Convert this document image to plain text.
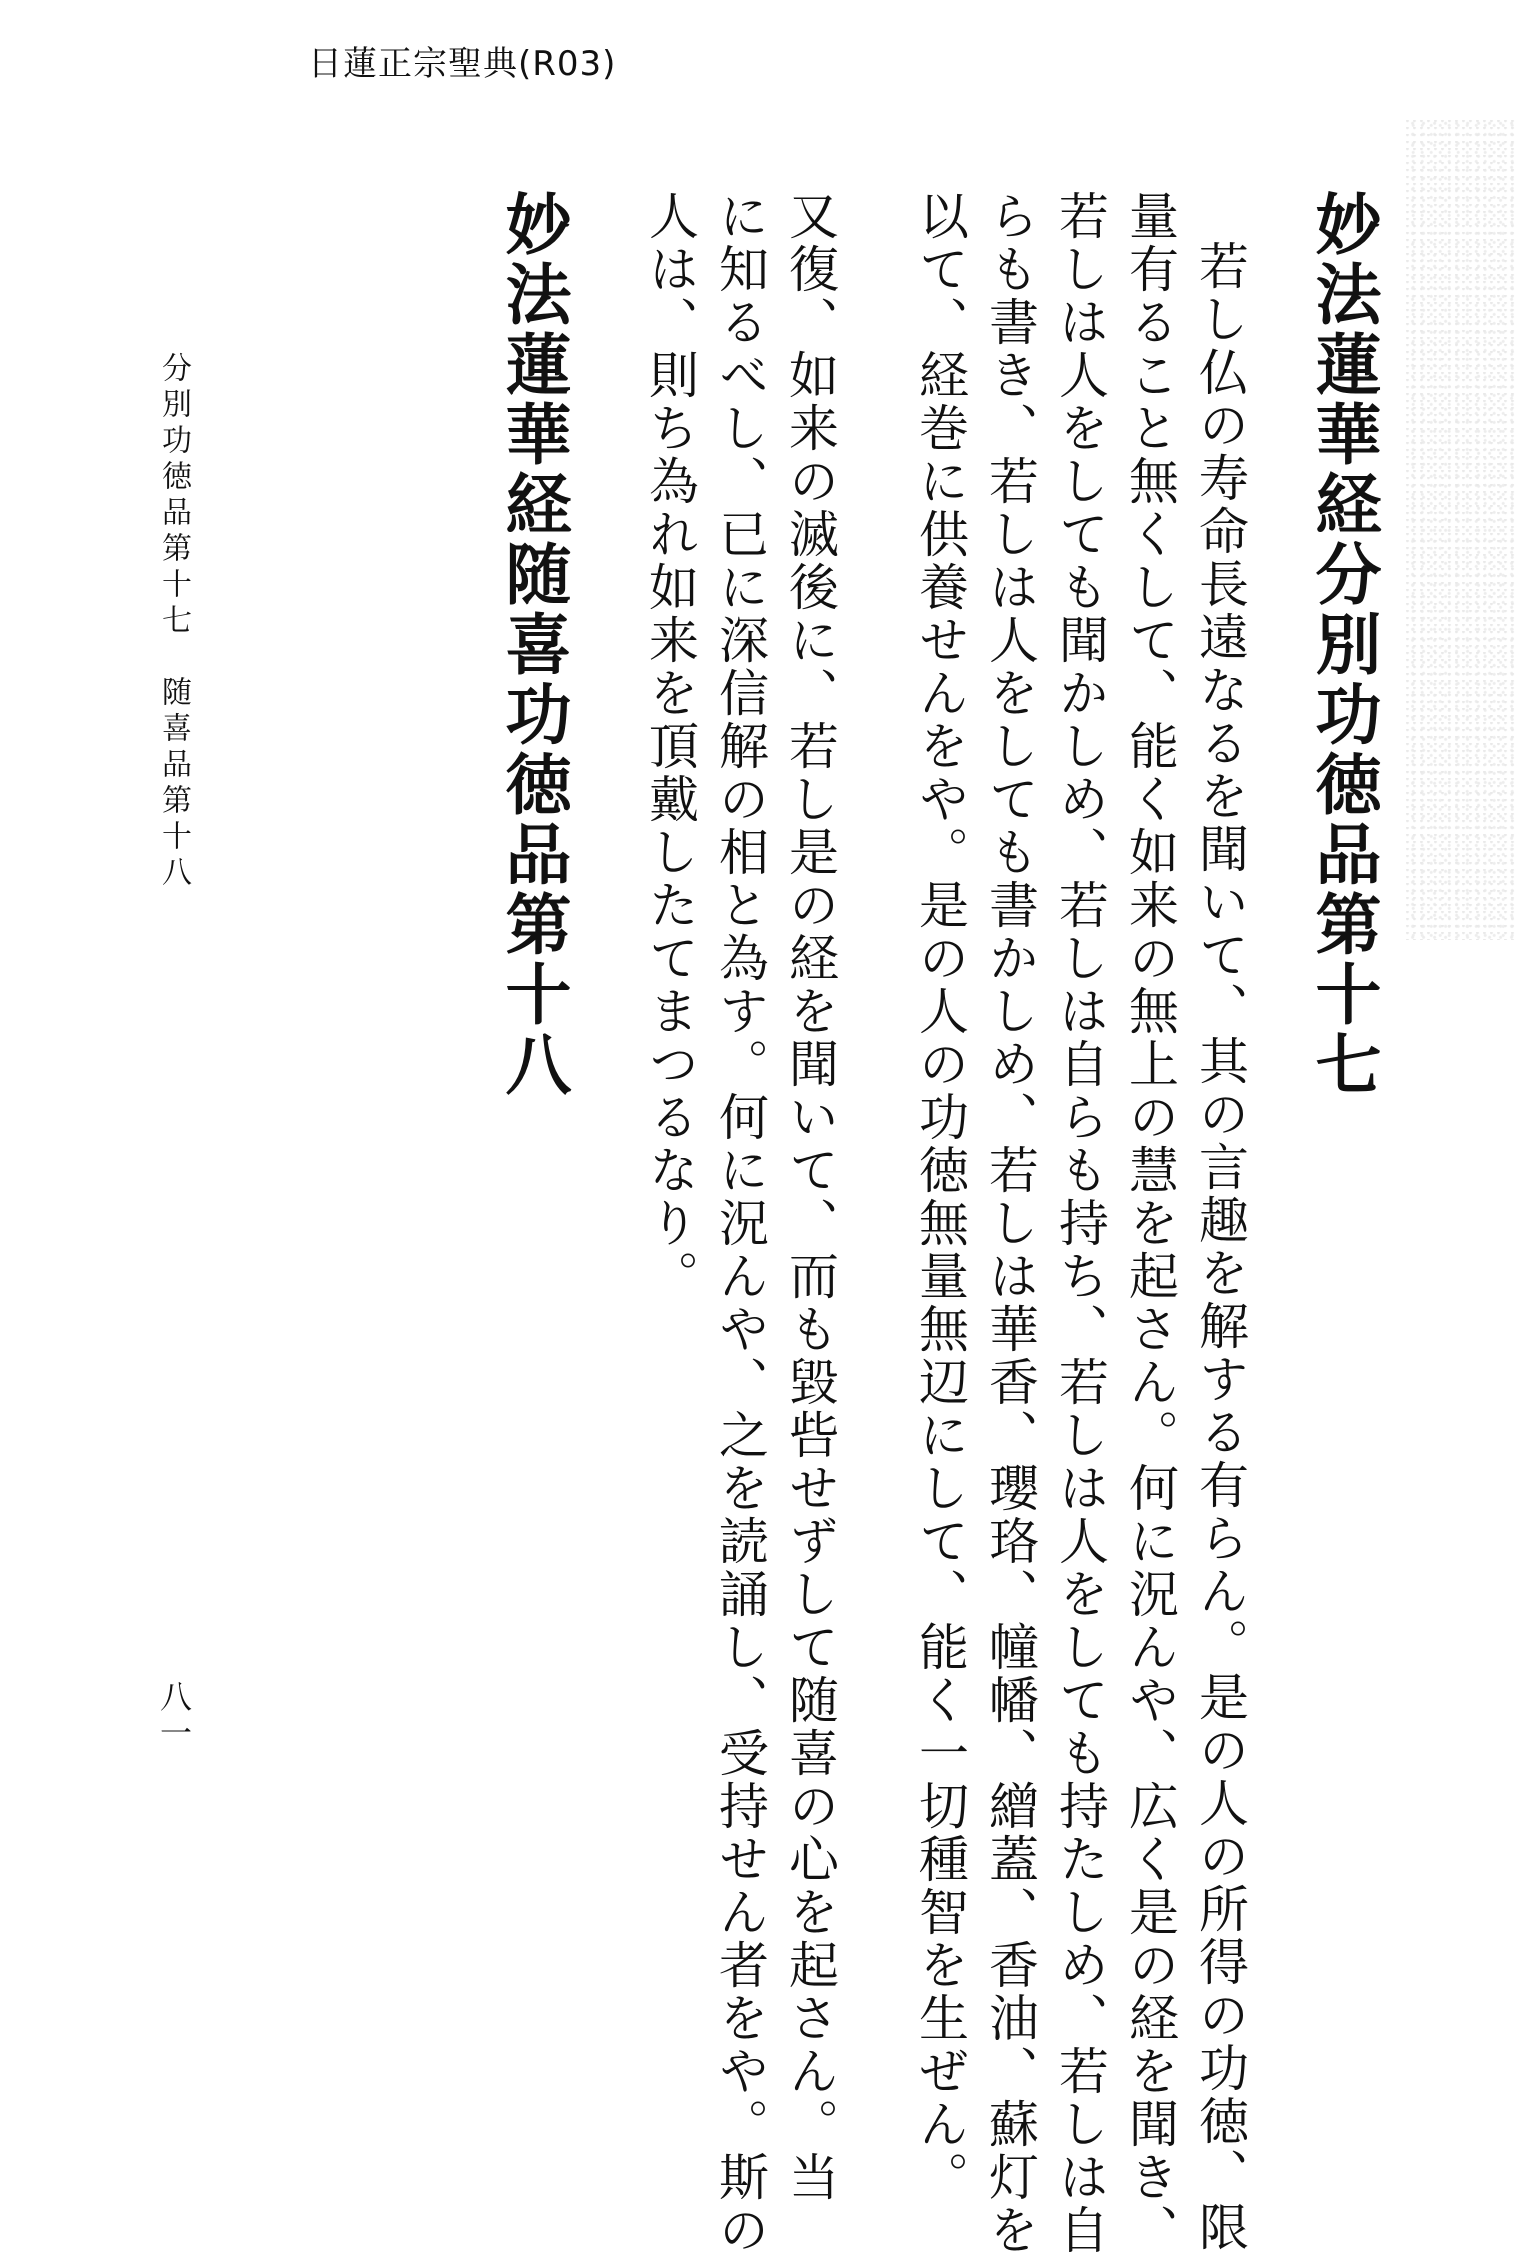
日蓮正宗聖典(R03)
妙法蓮華経分別功徳品第十七
若し仏の寿命長遠なるを聞いて、其の言趣を解する有らん。是の人の所得の功徳、限
量有ること無くして、能く如来の無上の慧を起さん。何に況んや、広く是の経を聞き、
若しは人をしても聞かしめ、若しは自らも持ち、若しは人をしても持たしめ、若しは自
らも書き、若しは人をしても書かしめ、若しは華香、瓔珞、幢幡、繒蓋、香油、蘇灯を
以て、経巻に供養せんをや。是の人の功徳無量無辺にして、能く一切種智を生ぜん。
又復、如来の滅後に、若し是の経を聞いて、而も毀呰せずして随喜の心を起さん。当
に知るべし、已に深信解の相と為す。何に況んや、之を読誦し、受持せん者をや。斯の
人は、則ち為れ如来を頂戴したてまつるなり。
妙法蓮華経随喜功徳品第十八
分別功徳品第十七　随喜品第十八
八一
